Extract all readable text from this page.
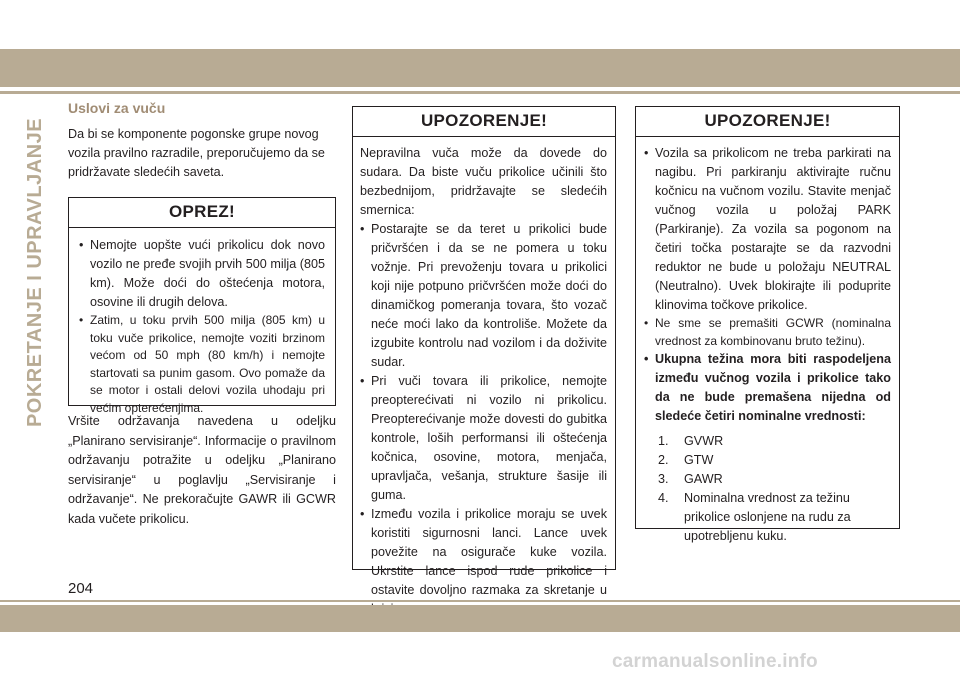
POKRETANJE I UPRAVLJANJE

Uslovi za vuču

Da bi se komponente pogonske grupe novog vozila pravilno razradile, preporučujemo da se pridržavate sledećih saveta.

OPREZ!
• Nemojte uopšte vući prikolicu dok novo vozilo ne pređe svojih prvih 500 milja (805 km). Može doći do oštećenja motora, osovine ili drugih delova.
• Zatim, u toku prvih 500 milja (805 km) u toku vuče prikolice, nemojte voziti brzinom većom od 50 mph (80 km/h) i nemojte startovati sa punim gasom. Ovo pomaže da se motor i ostali delovi vozila uhodaju pri većim opterećenjima.

Vršite održavanja navedena u odeljku „Planirano servisiranje“. Informacije o pravilnom održavanju potražite u odeljku „Planirano servisiranje“ u poglavlju „Servisiranje i održavanje“. Ne prekoračujte GAWR ili GCWR kada vučete prikolicu.

UPOZORENJE!
Nepravilna vuča može da dovede do sudara. Da biste vuču prikolice učinili što bezbednijom, pridržavajte se sledećih smernica:
• Postarajte se da teret u prikolici bude pričvršćen i da se ne pomera u toku vožnje. Pri prevoženju tovara u prikolici koji nije potpuno pričvršćen može doći do dinamičkog pomeranja tovara, što vozač neće moći lako da kontroliše. Možete da izgubite kontrolu nad vozilom i da doživite sudar.
• Pri vuči tovara ili prikolice, nemojte preopterećivati ni vozilo ni prikolicu. Preopterećivanje može dovesti do gubitka kontrole, loših performansi ili oštećenja kočnica, osovine, motora, menjača, upravljača, vešanja, strukture šasije ili guma.
• Između vozila i prikolice moraju se uvek koristiti sigurnosni lanci. Lance uvek povežite na osigurače kuke vozila. Ukrstite lance ispod rude prikolice i ostavite dovoljno razmaka za skretanje u
UPOZORENJE!
• Vozila sa prikolicom ne treba parkirati na nagibu. Pri parkiranju aktivirajte ručnu kočnicu na vučnom vozilu. Stavite menjač vučnog vozila u položaj PARK (Parkiranje). Za vozila sa pogonom na četiri točka postarajte se da razvodni reduktor ne bude u položaju NEUTRAL (Neutralno). Uvek blokirajte ili poduprite klinovima točkove prikolice.
• Ne sme se premašiti GCWR (nominalna vrednost za kombinovanu bruto težinu).
• Ukupna težina mora biti raspodeljena između vučnog vozila i prikolice tako da ne bude premašena nijedna od sledeće četiri nominalne vrednosti:
1.	GVWR
2.	GTW
3.	GAWR
4.	Nominalna vrednost za težinu prikolice oslonjene na rudu za upotrebljenu kuku.
204
carmanualsonline.info
